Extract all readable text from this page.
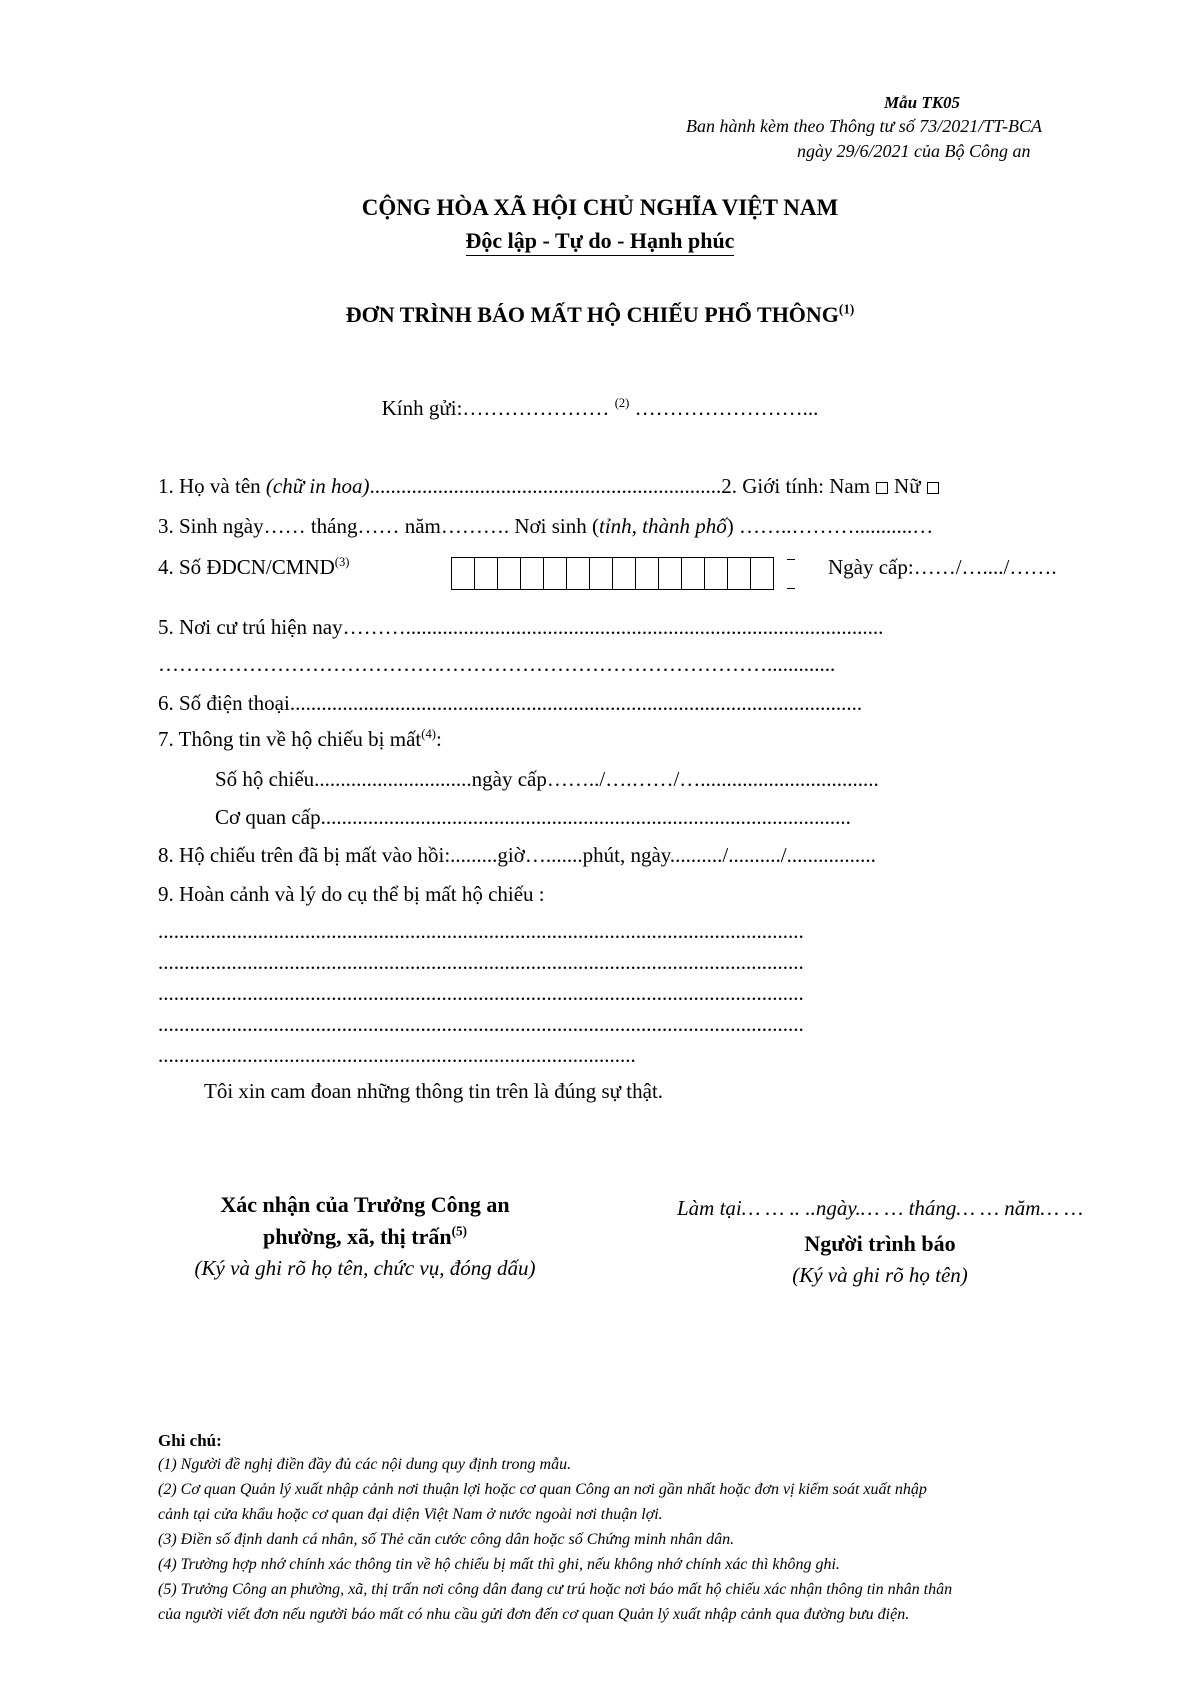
Mẫu TK05
Ban hành kèm theo Thông tư số 73/2021/TT-BCA
ngày 29/6/2021 của Bộ Công an
CỘNG HÒA XÃ HỘI CHỦ NGHĨA VIỆT NAM
Độc lập - Tự do - Hạnh phúc
ĐƠN TRÌNH BÁO MẤT HỘ CHIẾU PHỔ THÔNG$^{(1)}$
Kính gửi:………………… $^{(2)}$ ……………………...
1. Họ và tên (chữ in hoa)...................................................................2. Giới tính: Nam Nữ
3. Sinh ngày…… tháng…… năm………. Nơi sinh (tỉnh, thành phố) ……..………...........…
4. Số ĐDCN/CMND$^{(3)}$	Ngày cấp:……/…..../…….
5. Nơi cư trú hiện nay………...........................................................................................
…………………………………………………………………………….............
6. Số điện thoại.............................................................................................................
7. Thông tin về hộ chiếu bị mất$^{(4)}$:
Số hộ chiếu..............................ngày cấp……../….……/…..................................
Cơ quan cấp.....................................................................................................
8. Hộ chiếu trên đã bị mất vào hồi:.........giờ….......phút, ngày........../........../.................
9. Hoàn cảnh và lý do cụ thể bị mất hộ chiếu :
...........................................................................................................................
...........................................................................................................................
...........................................................................................................................
...........................................................................................................................
...........................................................................................
Tôi xin cam đoan những thông tin trên là đúng sự thật.
Xác nhận của Trưởng Công an
phường, xã, thị trấn$^{(5)}$
(Ký và ghi rõ họ tên, chức vụ, đóng dấu)
Làm tại… … .. ..ngày.… … tháng… … năm… …
Người trình báo
(Ký và ghi rõ họ tên)
Ghi chú:
(1) Người đề nghị điền đầy đủ các nội dung quy định trong mẫu.
(2) Cơ quan Quản lý xuất nhập cảnh nơi thuận lợi hoặc cơ quan Công an nơi gần nhất hoặc đơn vị kiểm soát xuất nhập
cảnh tại cửa khẩu hoặc cơ quan đại diện Việt Nam ở nước ngoài nơi thuận lợi.
(3) Điền số định danh cá nhân, số Thẻ căn cước công dân hoặc số Chứng minh nhân dân.
(4) Trường hợp nhớ chính xác thông tin về hộ chiếu bị mất thì ghi, nếu không nhớ chính xác thì không ghi.
(5) Trưởng Công an phường, xã, thị trấn nơi công dân đang cư trú hoặc nơi báo mất hộ chiếu xác nhận thông tin nhân thân
của người viết đơn nếu người báo mất có nhu cầu gửi đơn đến cơ quan Quản lý xuất nhập cảnh qua đường bưu điện.
